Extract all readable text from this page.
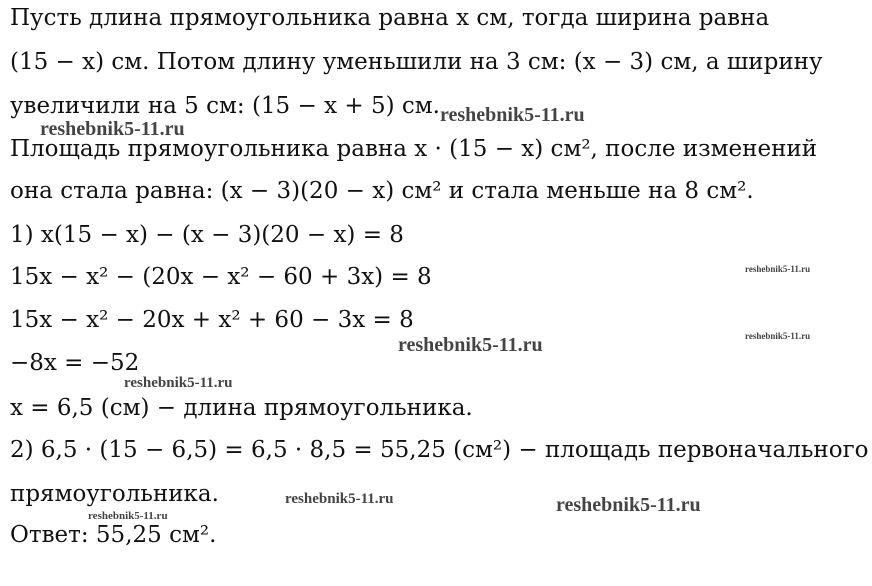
Пусть длина прямоугольника равна x см, тогда ширина равна
(15 − x) см. Потом длину уменьшили на 3 см: (x − 3) см, а ширину
увеличили на 5 см: (15 − x + 5) см.
Площадь прямоугольника равна x · (15 − x) см², после изменений
она стала равна: (x − 3)(20 − x) см² и стала меньше на 8 см².
1) x(15 − x) − (x − 3)(20 − x) = 8
15x − x² − (20x − x² − 60 + 3x) = 8
15x − x² − 20x + x² + 60 − 3x = 8
−8x = −52
x = 6,5 (см) − длина прямоугольника.
2) 6,5 · (15 − 6,5) = 6,5 · 8,5 = 55,25 (см²) − площадь первоначального
прямоугольника.
Ответ: 55,25 см².
reshebnik5-11.ru
reshebnik5-11.ru
reshebnik5-11.ru
reshebnik5-11.ru
reshebnik5-11.ru
reshebnik5-11.ru
reshebnik5-11.ru	reshebnik5-11.ru
reshebnik5-11.ru
